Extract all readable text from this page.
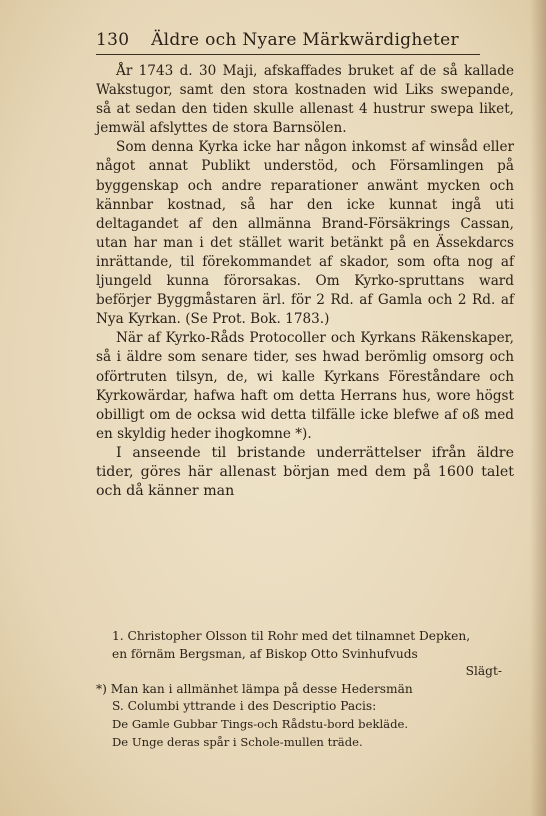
130 Äldre och Nyare Märkwärdigheter

År 1743 d. 30 Maji, afskaffades bruket af de så kallade Wakstugor, samt den stora kostnaden wid Liks swepande, så at sedan den tiden skulle allenast 4 hustrur swepa liket, jemwäl afslyttes de stora Barnsölen.

Som denna Kyrka icke har någon inkomst af winsåd eller något annat Publikt understöd, och Församlingen på byggenskap och andre reparationer anwänt mycken och kännbar kostnad, så har den icke kunnat ingå uti deltagandet af den allmänna Brand-Försäkrings Cassan, utan har man i det stället warit betänkt på en Ässekdarcs inrättande, til förekommandet af skador, som ofta nog af ljungeld kunna förorsakas. Om Kyrko-spruttans ward beförjer Byggmåstaren ärl. för 2 Rd. af Gamla och 2 Rd. af Nya Kyrkan. (Se Prot. Bok. 1783.)

När af Kyrko-Råds Protocoller och Kyrkans Räkenskaper, så i äldre som senare tider, ses hwad berömlig omsorg och oförtruten tilsyn, de, wi kalle Kyrkans Föreståndare och Kyrkowärdar, hafwa haft om detta Herrans hus, wore högst obilligt om de ocksa wid detta tilfälle icke blefwe af oß med en skyldig heder ihogkomne *).

I anseende til bristande underrättelser ifrån äldre tider, göres här allenast början med dem på 1600 talet och då känner man

1. Christopher Olsson til Rohr med det tilnamnet Depken,
en förnäm Bergsman, af Biskop Otto Svinhufvuds
Slägt-
*) Man kan i allmänhet lämpa på desse Hedersmän
S. Columbi yttrande i des Descriptio Pacis:
De Gamle Gubbar Tings-och Rådstu-bord bekläde.
De Unge deras spår i Schole-mullen träde.
